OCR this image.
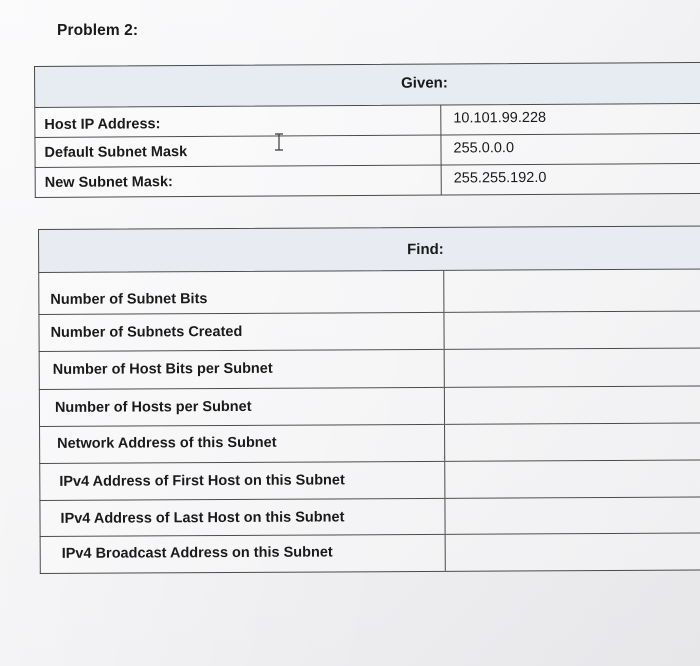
Problem 2:
Given:
Host IP Address:	10.101.99.228
Default Subnet Mask	255.0.0.0
New Subnet Mask:	255.255.192.0
Find:
Number of Subnet Bits
Number of Subnets Created
Number of Host Bits per Subnet
Number of Hosts per Subnet
Network Address of this Subnet
IPv4 Address of First Host on this Subnet
IPv4 Address of Last Host on this Subnet
IPv4 Broadcast Address on this Subnet
